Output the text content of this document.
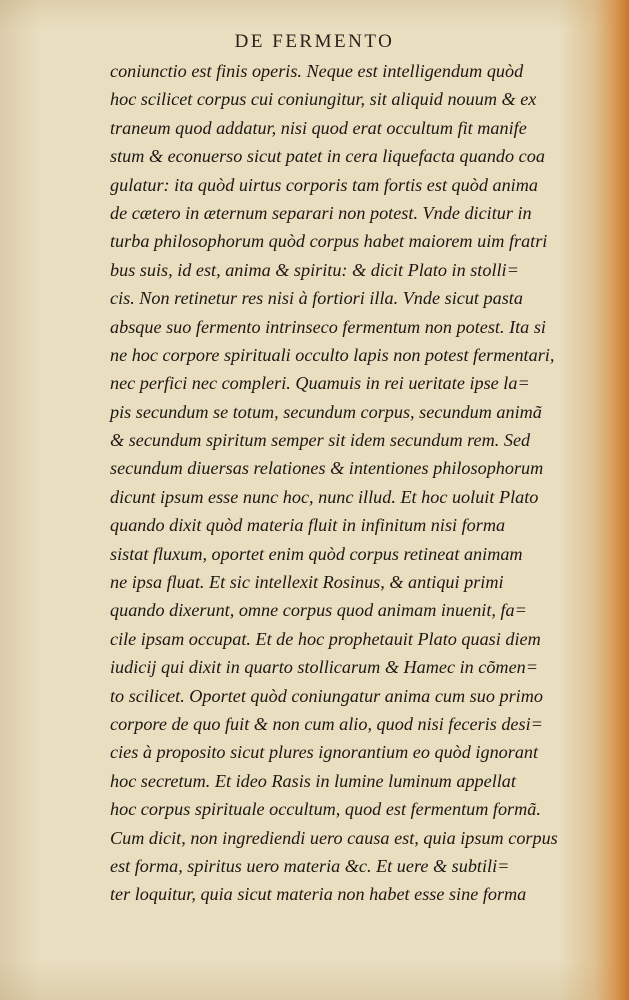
DE FERMENTO
coniunctio est finis operis. Neque est intelligendum quòd
hoc scilicet corpus cui coniungitur, sit aliquid nouum & ex
traneum quod addatur, nisi quod erat occultum fit manife
stum & econuerso sicut patet in cera liquefacta quando coa
gulatur: ita quòd uirtus corporis tam fortis est quòd anima
de cætero in æternum separari non potest. Vnde dicitur in
turba philosophorum quòd corpus habet maiorem uim fratri
bus suis, id est, anima & spiritu: & dicit Plato in stolli=
cis. Non retinetur res nisi à fortiori illa. Vnde sicut pasta
absque suo fermento intrinseco fermentum non potest. Ita si
ne hoc corpore spirituali occulto lapis non potest fermentari,
nec perfici nec compleri. Quamuis in rei ueritate ipse la=
pis secundum se totum, secundum corpus, secundum animã
& secundum spiritum semper sit idem secundum rem. Sed
secundum diuersas relationes & intentiones philosophorum
dicunt ipsum esse nunc hoc, nunc illud. Et hoc uoluit Plato
quando dixit quòd materia fluit in infinitum nisi forma
sistat fluxum, oportet enim quòd corpus retineat animam
ne ipsa fluat. Et sic intellexit Rosinus, & antiqui primi
quando dixerunt, omne corpus quod animam inuenit, fa=
cile ipsam occupat. Et de hoc prophetauit Plato quasi diem
iudicij qui dixit in quarto stollicarum & Hamec in cõmen=
to scilicet. Oportet quòd coniungatur anima cum suo primo
corpore de quo fuit & non cum alio, quod nisi feceris desi=
cies à proposito sicut plures ignorantium eo quòd ignorant
hoc secretum. Et ideo Rasis in lumine luminum appellat
hoc corpus spirituale occultum, quod est fermentum formã.
Cum dicit, non ingrediendi uero causa est, quia ipsum corpus
est forma, spiritus uero materia &c. Et uere & subtili=
ter loquitur, quia sicut materia non habet esse sine forma
